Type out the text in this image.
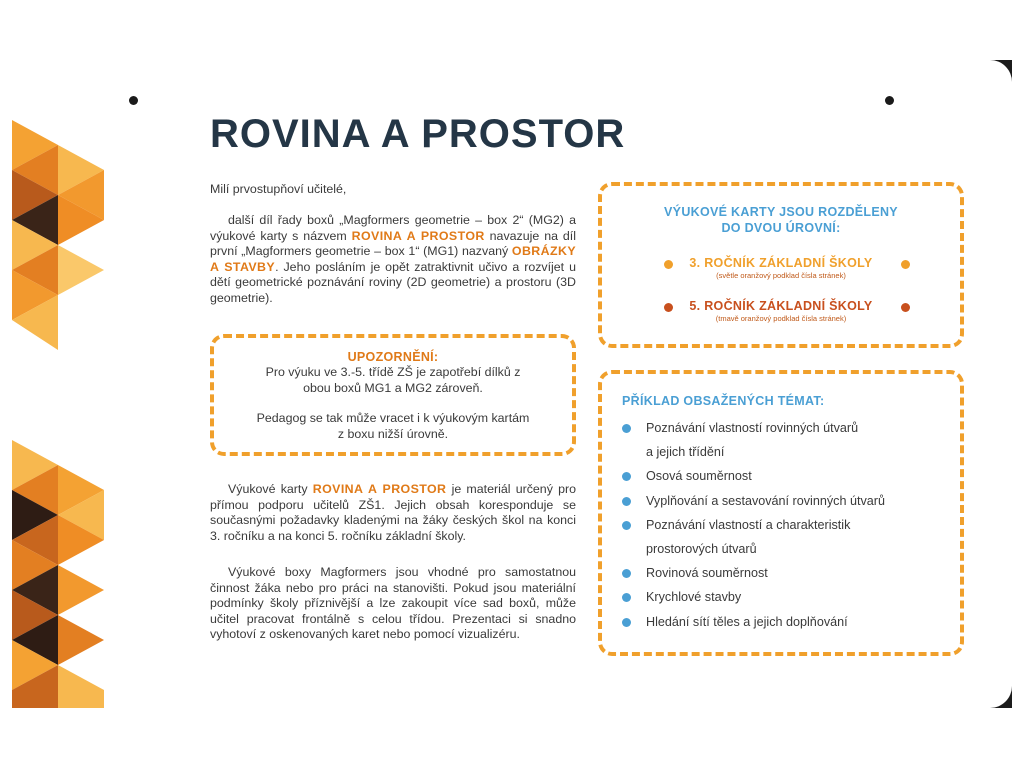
ROVINA A PROSTOR
Milí prvostupňoví učitelé,
další díl řady boxů „Magformers geometrie – box 2“ (MG2) a výukové karty s názvem ROVINA A PROSTOR navazuje na díl první „Magformers geometrie – box 1“ (MG1) nazvaný OBRÁZKY A STAVBY. Jeho posláním je opět zatraktivnit učivo a rozvíjet u dětí geometrické poznávání roviny (2D geometrie) a prostoru (3D geometrie).
UPOZORNĚNÍ:
Pro výuku ve 3.-5. třídě ZŠ je zapotřebí dílků z obou boxů MG1 a MG2 zároveň.
Pedagog se tak může vracet i k výukovým kartám z boxu nižší úrovně.
Výukové karty ROVINA A PROSTOR je materiál určený pro přímou podporu učitelů ZŠ1. Jejich obsah koresponduje se současnými požadavky kladenými na žáky českých škol na konci 3. ročníku a na konci 5. ročníku základní školy.
Výukové boxy Magformers jsou vhodné pro samostatnou činnost žáka nebo pro práci na stanovišti. Pokud jsou materiální podmínky školy příznivější a lze zakoupit více sad boxů, může učitel pracovat frontálně s celou třídou. Prezentaci si snadno vyhotoví z oskenovaných karet nebo pomocí vizualizéru.
VÝUKOVÉ KARTY JSOU ROZDĚLENY
DO DVOU ÚROVNÍ:
3. ROČNÍK ZÁKLADNÍ ŠKOLY
(světle oranžový podklad čísla stránek)
5. ROČNÍK ZÁKLADNÍ ŠKOLY
(tmavě oranžový podklad čísla stránek)
PŘÍKLAD OBSAŽENÝCH TÉMAT:
Poznávání vlastností rovinných útvarů
a jejich třídění
Osová souměrnost
Vyplňování a sestavování rovinných útvarů
Poznávání vlastností a charakteristik
prostorových útvarů
Rovinová souměrnost
Krychlové stavby
Hledání sítí těles a jejich doplňování
